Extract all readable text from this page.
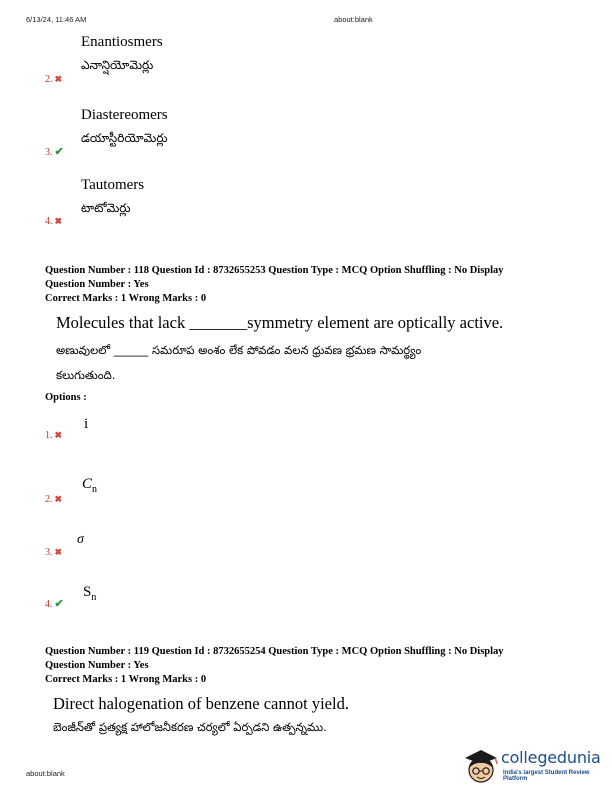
6/13/24, 11:46 AM	about:blank
Enantiosmers
ఎనాన్షియోమెర్లు
2. ✖
Diastereomers
డయాస్టీరియోమెర్లు
3. ✔
Tautomers
టాటోమెర్లు
4. ✖
Question Number : 118 Question Id : 8732655253 Question Type : MCQ Option Shuffling : No Display
Question Number : Yes
Correct Marks : 1 Wrong Marks : 0
Molecules that lack _______symmetry element are optically active.
అణువులలో ______ సమరూప అంశం లేక పోవడం వలన ధ్రువణ భ్రమణ సామర్థ్యం
కలుగుతుంది.
Options :
i
1. ✖
$C_n$
2. ✖
σ
3. ✖
$S_n$
4. ✔
Question Number : 119 Question Id : 8732655254 Question Type : MCQ Option Shuffling : No Display
Question Number : Yes
Correct Marks : 1 Wrong Marks : 0
Direct halogenation of benzene cannot yield.
బెంజీన్‌తో ప్రత్యక్ష హాలోజనీకరణ చర్యలో ఏర్పడని ఉత్పన్నము.
about:blank
collegedunia
India's largest Student Review Platform
